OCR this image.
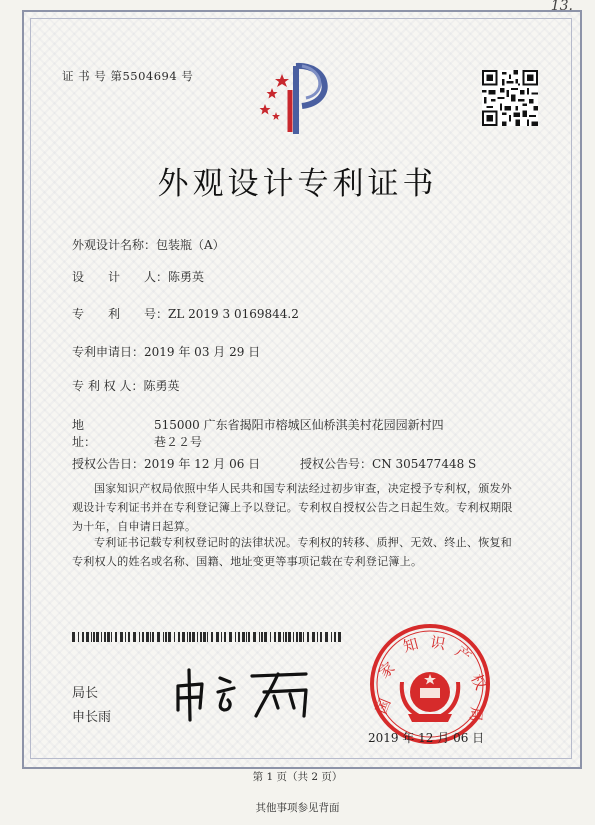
13.
证 书 号 第5504694 号
外观设计专利证书
外观设计名称：包装瓶（A）
设　　计　　人：陈勇英
专　　利　　号：ZL 2019 3 0169844.2
专利申请日：2019 年 03 月 29 日
专 利 权 人：陈勇英
地　　　　址：
515000 广东省揭阳市榕城区仙桥淇美村花园园新村四巷２２号
授权公告日：2019 年 12 月 06 日	授权公告号：CN 305477448 S
国家知识产权局依照中华人民共和国专利法经过初步审查，决定授予专利权，颁发外观设计专利证书并在专利登记簿上予以登记。专利权自授权公告之日起生效。专利权期限为十年，自申请日起算。
专利证书记载专利权登记时的法律状况。专利权的转移、质押、无效、终止、恢复和专利权人的姓名或名称、国籍、地址变更等事项记载在专利登记簿上。
局长
申长雨
国
家
知 识 产
权
局
2019 年 12 月 06 日
第 1 页（共 2 页）
其他事项参见背面
